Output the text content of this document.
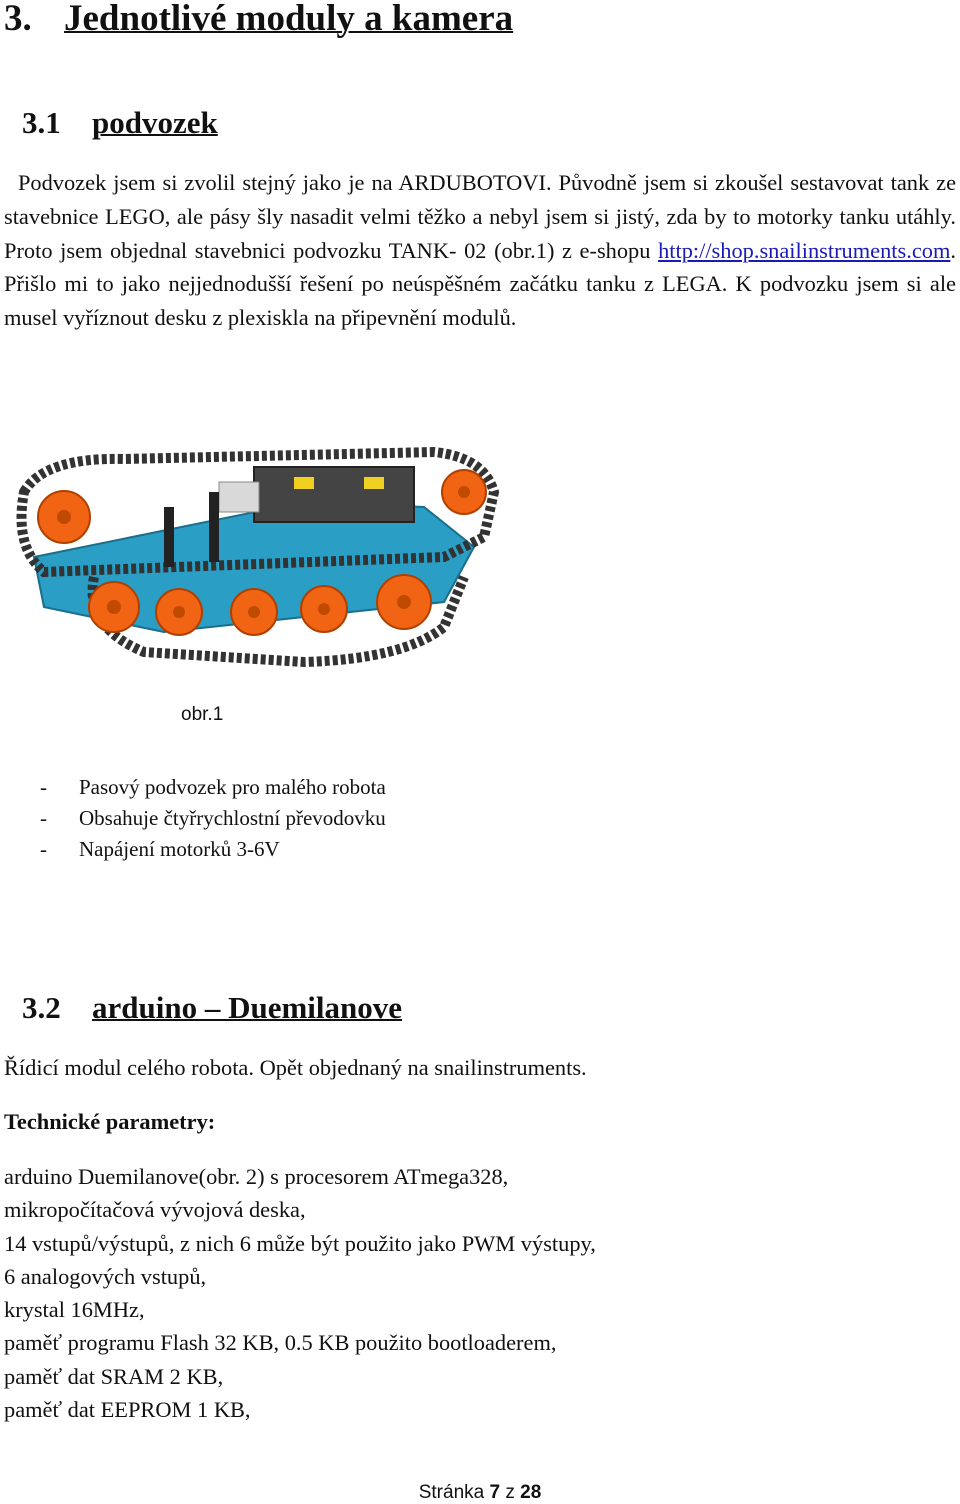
3. Jednotlivé moduly a kamera
3.1 podvozek

Podvozek jsem si zvolil stejný jako je na ARDUBOTOVI. Původně jsem si zkoušel sestavovat tank ze stavebnice LEGO, ale pásy šly nasadit velmi těžko a nebyl jsem si jistý, zda by to motorky tanku utáhly. Proto jsem objednal stavebnici podvozku TANK- 02 (obr.1) z e-shopu http://shop.snailinstruments.com. Přišlo mi to jako nejjednodušší řešení po neúspěšném začátku tanku z LEGA. K podvozku jsem si ale musel vyříznout desku z plexiskla na připevnění modulů.

obr.1
- Pasový podvozek pro malého robota
- Obsahuje čtyřrychlostní převodovku
- Napájení motorků 3-6V
3.2 arduino – Duemilanove
Řídicí modul celého robota. Opět objednaný na snailinstruments.
Technické parametry:
arduino Duemilanove(obr. 2) s procesorem ATmega328,
mikropočítačová vývojová deska,
14 vstupů/výstupů, z nich 6 může být použito jako PWM výstupy,
6 analogových vstupů,
krystal 16MHz,
paměť programu Flash 32 KB, 0.5 KB použito bootloaderem,
paměť dat SRAM 2 KB,
paměť dat EEPROM 1 KB,
Stránka 7 z 28
